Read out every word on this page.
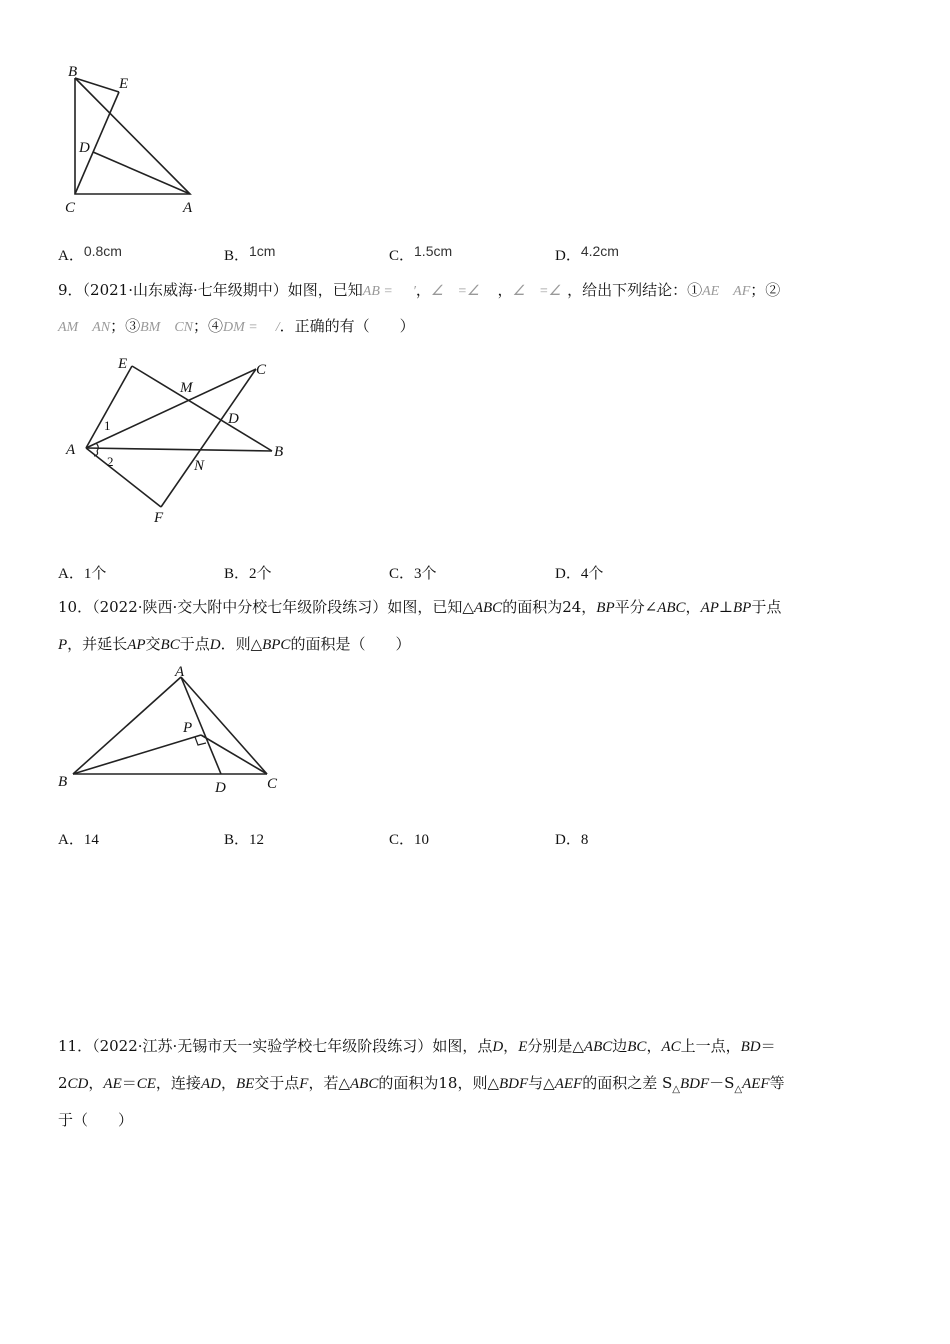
B
E
D
C	A
A．0.8cm	B．1cm	C．1.5cm	D．4.2cm
9．（2021·山东威海·七年级期中）如图，已知AB = ′，∠　=∠ ，∠　=∠ ，给出下列结论：①AE　AF；②
AM　AN；③BM　CN；④DM = /．正确的有（　　）
E
M
C
D
A	B
N
F
1
2
A．1个	B．2个	C．3个	D．4个
10．（2022·陕西·交大附中分校七年级阶段练习）如图，已知△ABC的面积为24，BP平分∠ABC，AP⊥BP于点
P，并延长AP交BC于点D．则△BPC的面积是（　　）
A
P
B	D	C
A．14	B．12	C．10	D．8
11．（2022·江苏·无锡市天一实验学校七年级阶段练习）如图，点D，E分别是△ABC边BC，AC上一点，BD＝
2CD，AE＝CE，连接AD，BE交于点F，若△ABC的面积为18，则△BDF与△AEF的面积之差 $S_\triangle BDF-S_\triangle AEF$等
于（　　）
